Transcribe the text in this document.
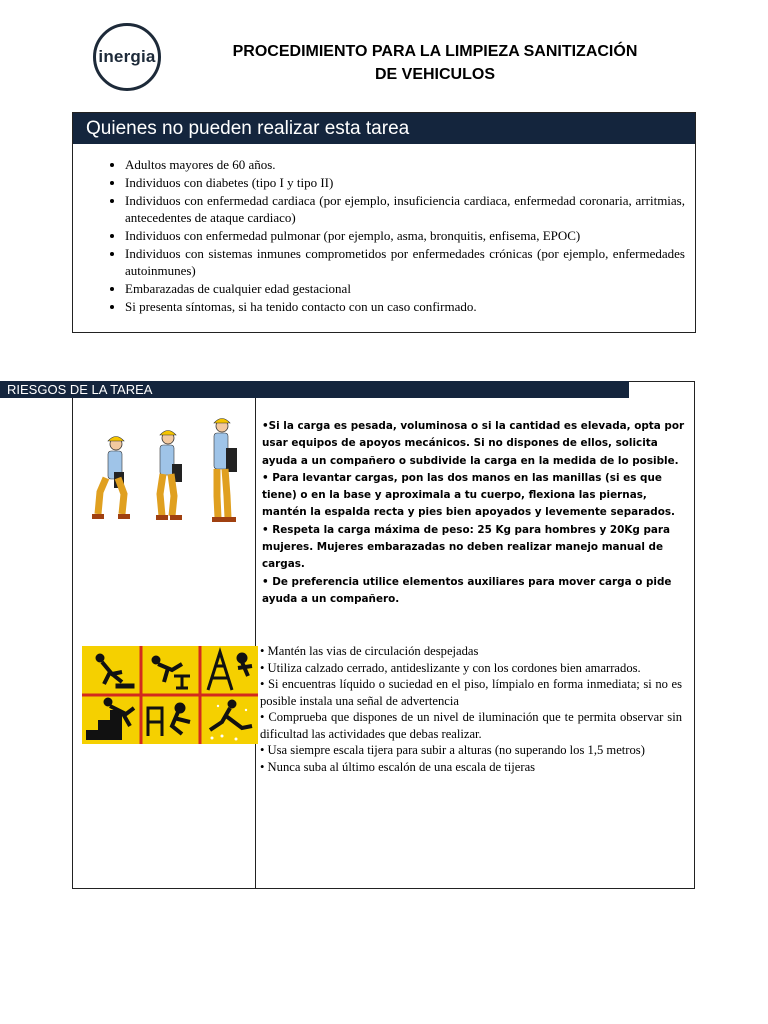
inergia	PROCEDIMIENTO PARA LA LIMPIEZA SANITIZACIÓN
DE VEHICULOS
Quienes no pueden realizar esta tarea
• Adultos mayores de 60 años.
• Individuos con diabetes (tipo I y tipo II)
• Individuos con enfermedad cardiaca (por ejemplo, insuficiencia cardiaca, enfermedad coronaria, arritmias, antecedentes de ataque cardiaco)
• Individuos con enfermedad pulmonar (por ejemplo, asma, bronquitis, enfisema, EPOC)
• Individuos con sistemas inmunes comprometidos por enfermedades crónicas (por ejemplo, enfermedades autoinmunes)
• Embarazadas de cualquier edad gestacional
• Si presenta síntomas, si ha tenido contacto con un caso confirmado.
RIESGOS DE LA TAREA

•Si la carga es pesada, voluminosa o si la cantidad es elevada, opta por usar equipos de apoyos mecánicos. Si no dispones de ellos, solicita ayuda a un compañero o subdivide la carga en la medida de lo posible.

• Para levantar cargas, pon las dos manos en las manillas (si es que tiene) o en la base y aproximala a tu cuerpo, flexiona las piernas, mantén la espalda recta y pies bien apoyados y levemente separados.

• Respeta la carga máxima de peso: 25 Kg para hombres y 20Kg para mujeres. Mujeres embarazadas no deben realizar manejo manual de cargas.

• De preferencia utilice elementos auxiliares para mover carga o pide ayuda a un compañero.

• Mantén las vias de circulación despejadas

• Utiliza calzado cerrado, antideslizante y con los cordones bien amarrados.

• Si encuentras líquido o suciedad en el piso, límpialo en forma inmediata; si no es posible instala una señal de advertencia

• Comprueba que dispones de un nivel de iluminación que te permita observar sin dificultad las actividades que debas realizar.

• Usa siempre escala tijera para subir a alturas (no superando los 1,5 metros)

• Nunca suba al último escalón de una escala de tijeras
